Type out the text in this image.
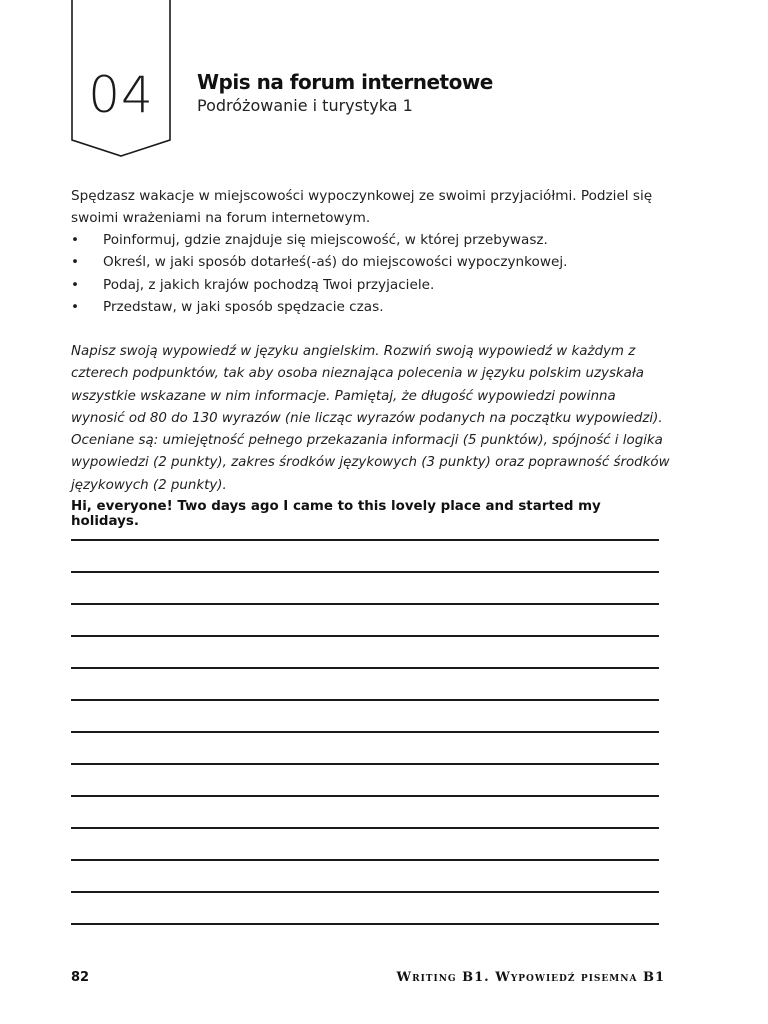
04	Wpis na forum internetowe
Podróżowanie i turystyka 1

Spędzasz wakacje w miejscowości wypoczynkowej ze swoimi przyjaciółmi. Podziel się swoimi wrażeniami na forum internetowym.

• Poinformuj, gdzie znajduje się miejscowość, w której przebywasz.
• Określ, w jaki sposób dotarłeś(-aś) do miejscowości wypoczynkowej.
• Podaj, z jakich krajów pochodzą Twoi przyjaciele.
• Przedstaw, w jaki sposób spędzacie czas.
Napisz swoją wypowiedź w języku angielskim. Rozwiń swoją wypowiedź w każdym z czterech podpunktów, tak aby osoba nieznająca polecenia w języku polskim uzyskała wszystkie wskazane w nim informacje. Pamiętaj, że długość wypowiedzi powinna wynosić od 80 do 130 wyrazów (nie licząc wyrazów podanych na początku wypowiedzi). Oceniane są: umiejętność pełnego przekazania informacji (5 punktów), spójność i logika wypowiedzi (2 punkty), zakres środków językowych (3 punkty) oraz poprawność środków językowych (2 punkty).
Hi, everyone! Two days ago I came to this lovely place and started my holidays.
82	Writing B1. Wypowiedź pisemna B1
